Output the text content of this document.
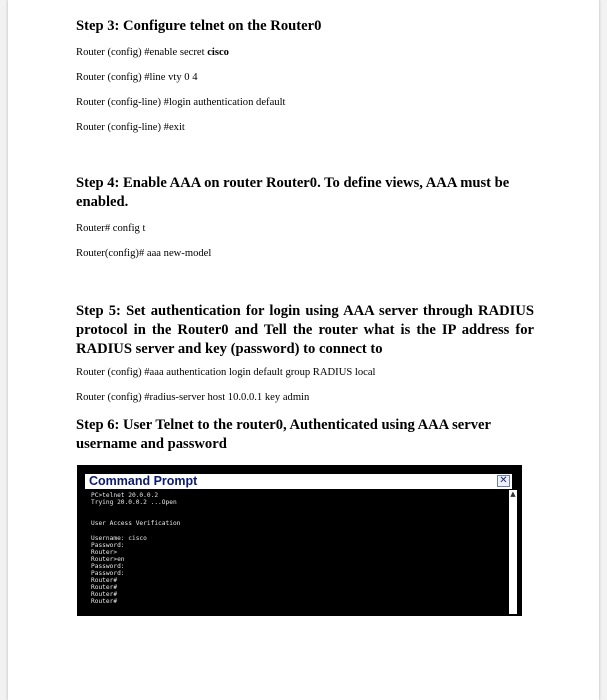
Step 3: Configure telnet on the Router0

Router (config) #enable secret cisco

Router (config) #line vty 0 4

Router (config-line) #login authentication default

Router (config-line) #exit

Step 4: Enable AAA on router Router0. To define views, AAA must be enabled.

Router# config t

Router(config)# aaa new-model

Step 5: Set authentication for login using AAA server through RADIUS protocol in the Router0 and Tell the router what is the IP address for RADIUS server and key (password) to connect to

Router (config) #aaa authentication login default group RADIUS local

Router (config) #radius-server host 10.0.0.1 key admin

Step 6: User Telnet to the router0, Authenticated using AAA server username and password

Command Prompt	✕
▲
PC>telnet 20.0.0.2
Trying 20.0.0.2 ...Open
User Access Verification
Username: cisco
Password:
Router>
Router>en
Password:
Password:
Router#
Router#
Router#
Router#
